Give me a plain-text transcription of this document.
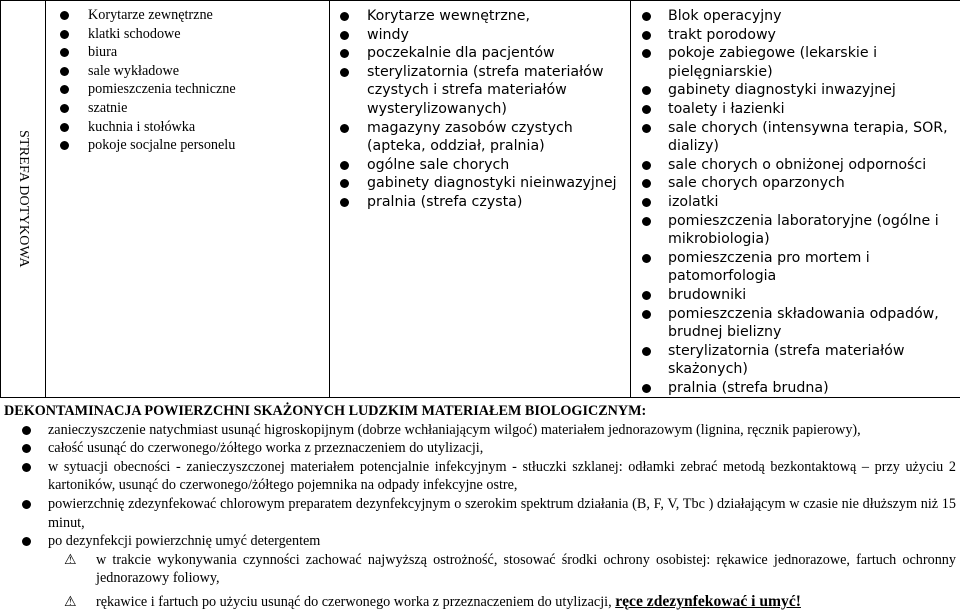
STREFA DOTYKOWA

Korytarze zewnętrzne
klatki schodowe
biura
sale wykładowe
pomieszczenia techniczne
szatnie
kuchnia i stołówka
pokoje socjalne personelu

Korytarze wewnętrzne,
windy
poczekalnie dla pacjentów
sterylizatornia (strefa materiałów czystych i strefa materiałów wysterylizowanych)
magazyny zasobów czystych (apteka, oddział, pralnia)
ogólne sale chorych
gabinety diagnostyki nieinwazyjnej
pralnia (strefa czysta)

Blok operacyjny
trakt porodowy
pokoje zabiegowe (lekarskie i pielęgniarskie)
gabinety diagnostyki inwazyjnej
toalety i łazienki
sale chorych (intensywna terapia, SOR, dializy)
sale chorych o obniżonej odporności
sale chorych oparzonych
izolatki
pomieszczenia laboratoryjne (ogólne i mikrobiologia)
pomieszczenia pro mortem i patomorfologia
brudowniki
pomieszczenia składowania odpadów, brudnej bielizny
sterylizatornia (strefa materiałów skażonych)
pralnia (strefa brudna)
DEKONTAMINACJA POWIERZCHNI SKAŻONYCH LUDZKIM MATERIAŁEM BIOLOGICZNYM:
zanieczyszczenie natychmiast usunąć higroskopijnym (dobrze wchłaniającym wilgoć) materiałem jednorazowym (lignina, ręcznik papierowy),
całość usunąć do czerwonego/żółtego worka z przeznaczeniem do utylizacji,
w sytuacji obecności - zanieczyszczonej materiałem potencjalnie infekcyjnym - stłuczki szklanej: odłamki zebrać metodą bezkontaktową – przy użyciu 2 kartoników, usunąć do czerwonego/żółtego pojemnika na odpady infekcyjne ostre,
powierzchnię zdezynfekować chlorowym preparatem dezynfekcyjnym o szerokim spektrum działania (B, F, V, Tbc ) działającym w czasie nie dłuższym niż 15 minut,
po dezynfekcji powierzchnię umyć detergentem
⚠ w trakcie wykonywania czynności zachować najwyższą ostrożność, stosować środki ochrony osobistej: rękawice jednorazowe, fartuch ochronny jednorazowy foliowy,
⚠ rękawice i fartuch po użyciu usunąć do czerwonego worka z przeznaczeniem do utylizacji, ręce zdezynfekować i umyć!
